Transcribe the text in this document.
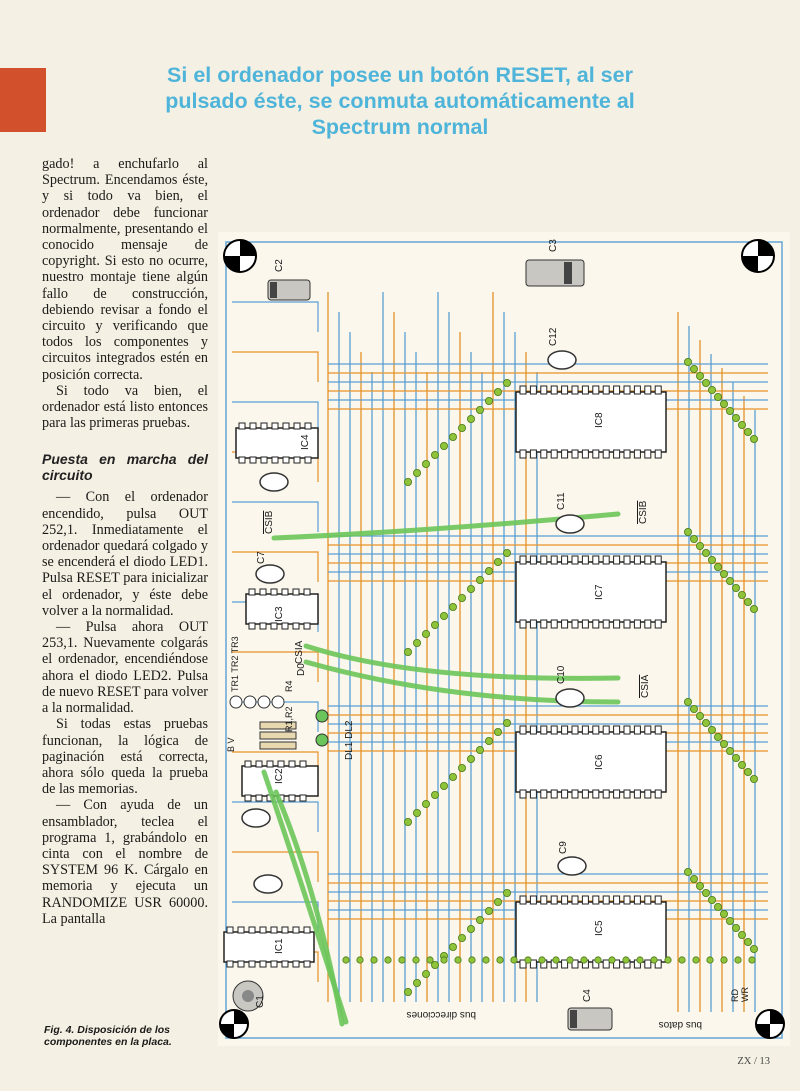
Si el ordenador posee un botón RESET, al ser pulsado éste, se conmuta automáticamente al Spectrum normal

gado! a enchufarlo al Spectrum. Encendamos éste, y si todo va bien, el ordenador debe funcionar normalmente, presentando el conocido mensaje de copyright. Si esto no ocurre, nuestro montaje tiene algún fallo de construcción, debiendo revisar a fondo el circuito y verificando que todos los componentes y circuitos integrados estén en posición correcta.

Si todo va bien, el ordenador está listo entonces para las primeras pruebas.

Puesta en marcha del circuito

— Con el ordenador encendido, pulsa OUT 252,1. Inmediatamente el ordenador quedará colgado y se encenderá el diodo LED1. Pulsa RESET para inicializar el ordenador, y éste debe volver a la normalidad.

— Pulsa ahora OUT 253,1. Nuevamente colgarás el ordenador, encendiéndose ahora el diodo LED2. Pulsa de nuevo RESET para volver a la normalidad.

Si todas estas pruebas funcionan, la lógica de paginación está correcta, ahora sólo queda la prueba de las memorias.

— Con ayuda de un ensamblador, teclea el programa 1, grabándolo en cinta con el nombre de SYSTEM 96 K. Cárgalo en memoria y ejecuta un RANDOMIZE USR 60000. La pantalla

Fig. 4. Disposición de los componentes en la placa.
ZX / 13
C2
C3
C4
C1
C12
C11
C10
C9
C7
IC8
IC7
IC6
IC5
IC4
IC3
IC2
IC1
CSIB	CSIB
CSIA
CSIA
D0
TR1 TR2 TR3	R4
R1,R2
DL1 DL2
B V
bus direcciones
bus datos
RD WR
